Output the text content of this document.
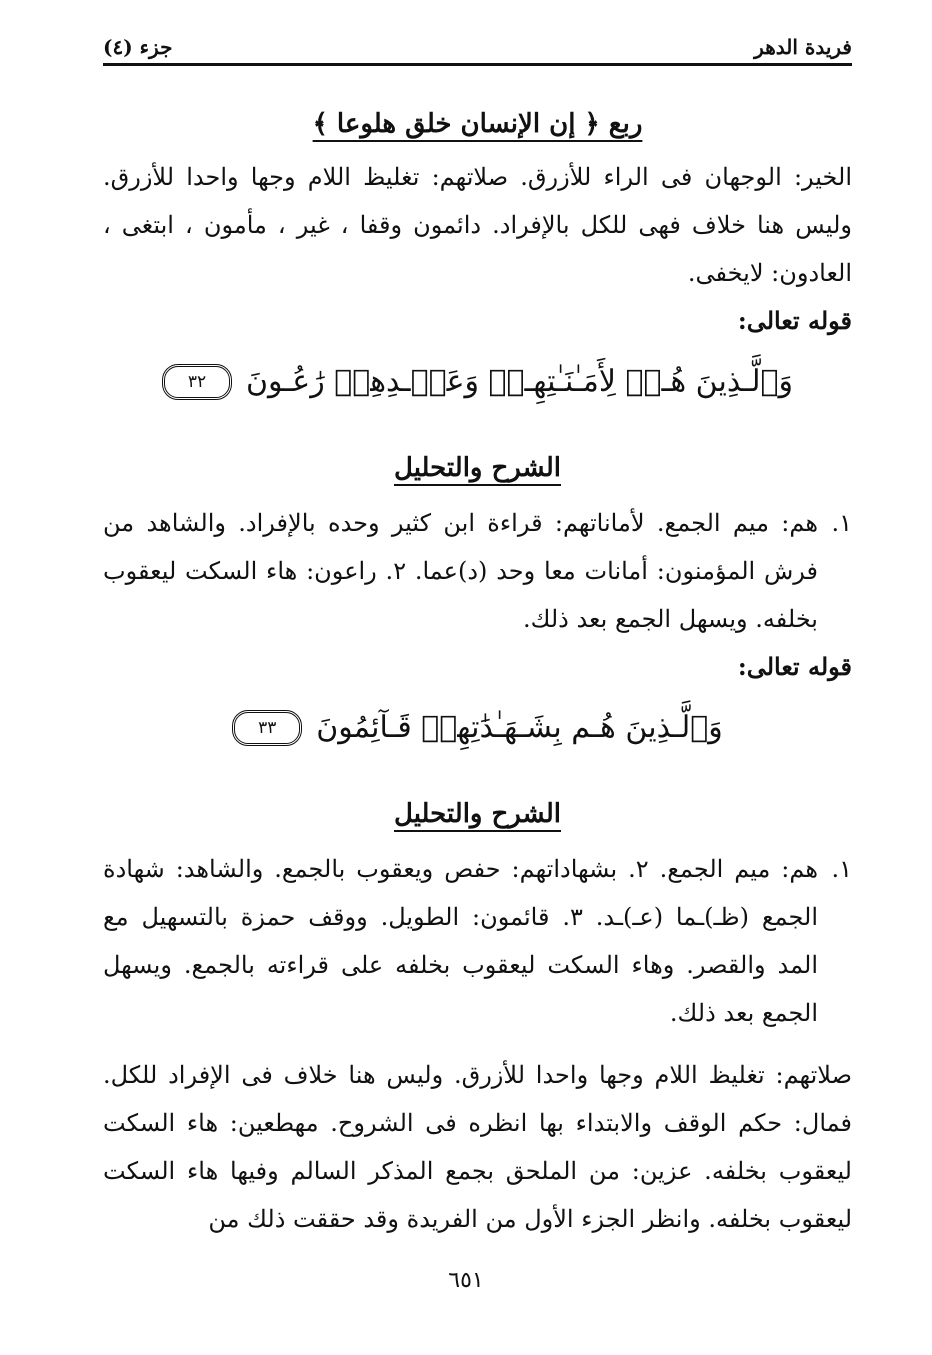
فريدة الدهر
جزء (٤)

ربع ﴿ إن الإنسان خلق هلوعا ﴾

الخير: الوجهان فى الراء للأزرق. صلاتهم: تغليظ اللام وجها واحدا للأزرق. وليس هنا خلاف فهى للكل بالإفراد. دائمون وقفا ، غير ، مأمون ، ابتغى ، العادون: لايخفى.

قوله تعالى:

وَٱلَّـذِينَ هُـمۡ لِأَمَـٰنَـٰتِهِـمۡ وَعَهۡـدِهِمۡ رَٰعُـونَ
٣٢

الشرح والتحليل

١.
هم: ميم الجمع. لأماناتهم: قراءة ابن كثير وحده بالإفراد. والشاهد من فرش المؤمنون: أمانات معا وحد (د)عما. ٢. راعون: هاء السكت ليعقوب بخلفه. ويسهل الجمع بعد ذلك.

قوله تعالى:

وَٱلَّـذِينَ هُـم بِشَـهَـٰدَٰتِهِمۡ قَـآئِمُونَ
٣٣

الشرح والتحليل

١.
هم: ميم الجمع. ٢. بشهاداتهم: حفص ويعقوب بالجمع. والشاهد: شهادة الجمع (ظـ)ـما (عـ)ـد. ٣. قائمون: الطويل. ووقف حمزة بالتسهيل مع المد والقصر. وهاء السكت ليعقوب بخلفه على قراءته بالجمع. ويسهل الجمع بعد ذلك.

صلاتهم: تغليظ اللام وجها واحدا للأزرق. وليس هنا خلاف فى الإفراد للكل. فمال: حكم الوقف والابتداء بها انظره فى الشروح. مهطعين: هاء السكت ليعقوب بخلفه. عزين: من الملحق بجمع المذكر السالم وفيها هاء السكت ليعقوب بخلفه. وانظر الجزء الأول من الفريدة وقد حققت ذلك من

٦٥١
